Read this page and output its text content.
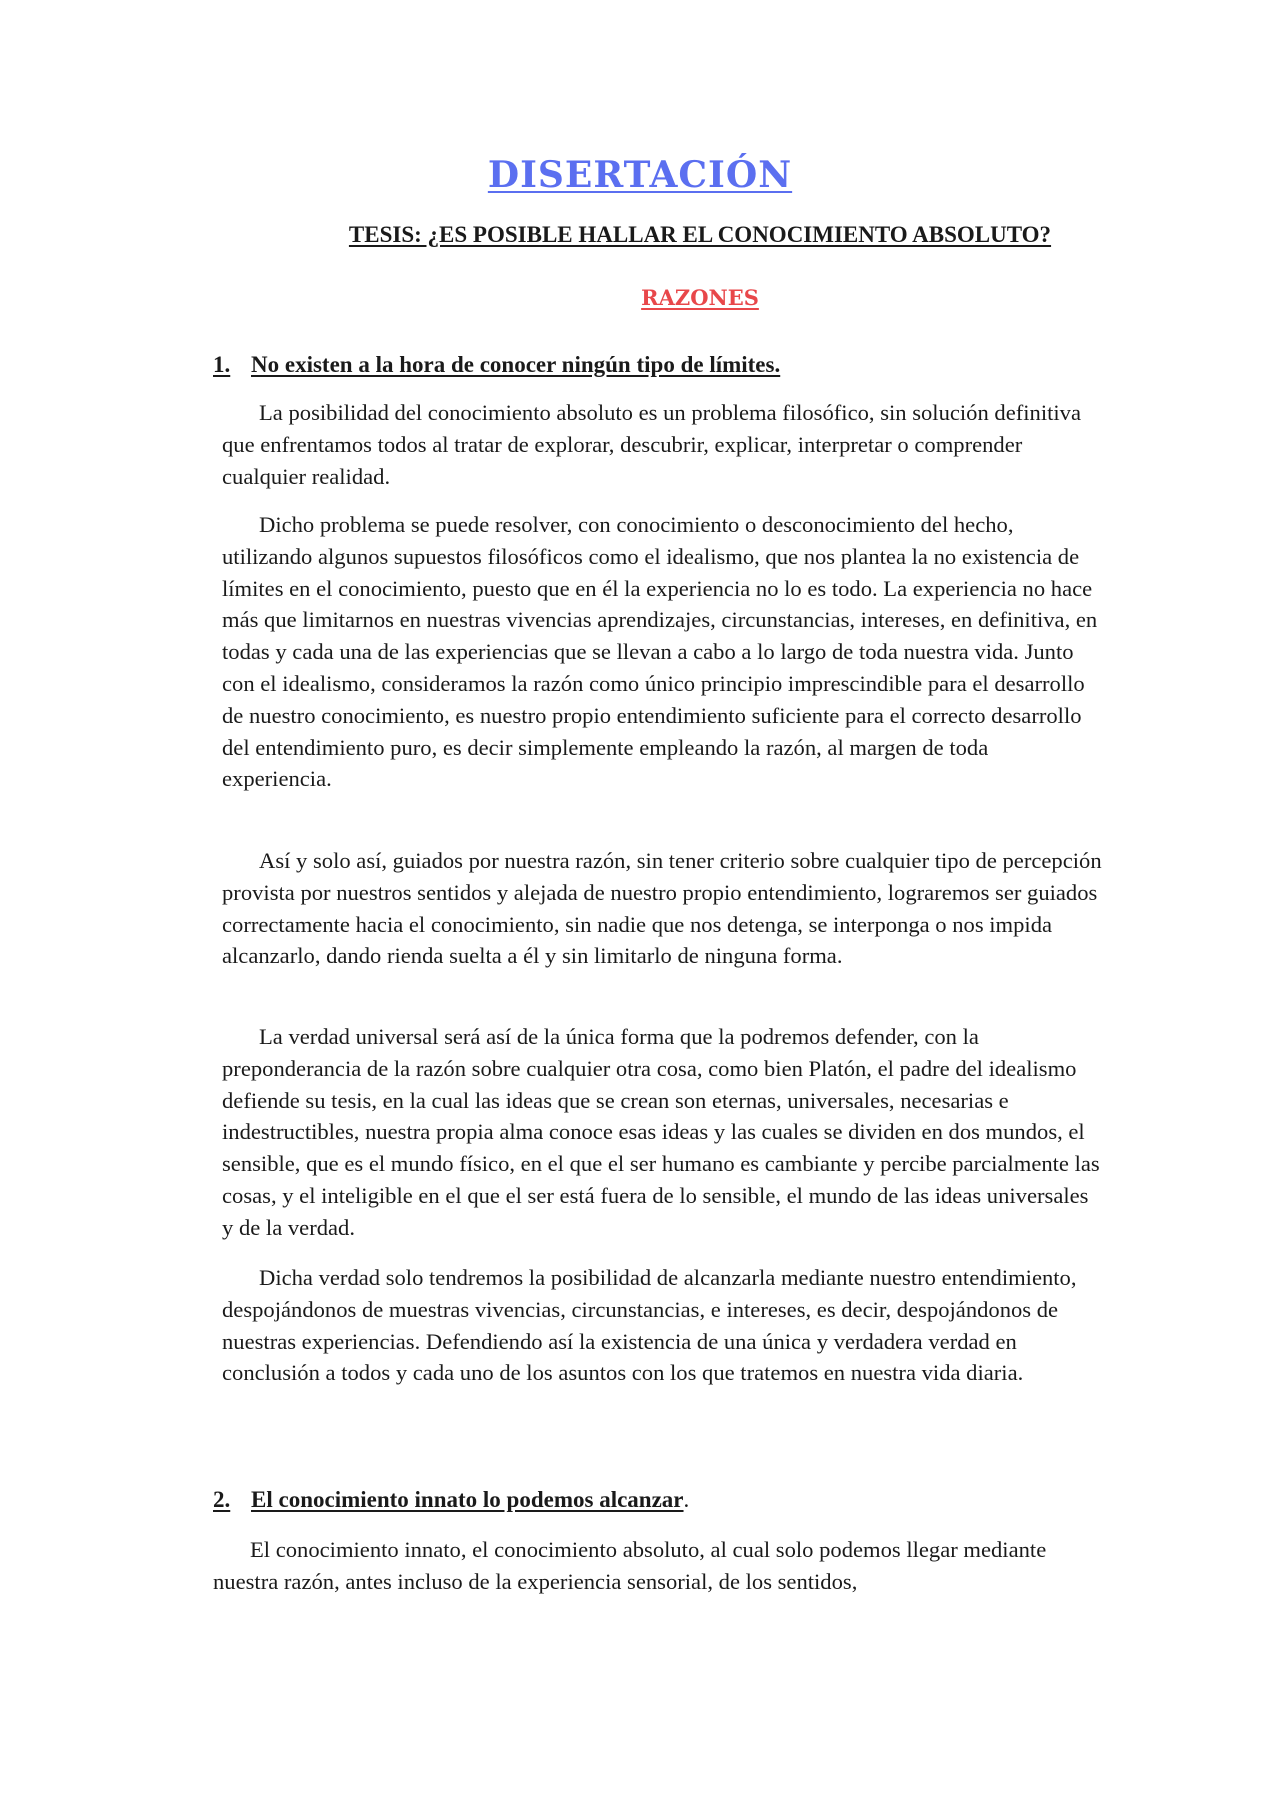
DISERTACIÓN
TESIS: ¿ES POSIBLE HALLAR EL CONOCIMIENTO ABSOLUTO?
RAZONES
1. No existen a la hora de conocer ningún tipo de límites.

La posibilidad del conocimiento absoluto es un problema filosófico, sin solución definitiva que enfrentamos todos al tratar de explorar, descubrir, explicar, interpretar o comprender cualquier realidad.

Dicho problema se puede resolver, con conocimiento o desconocimiento del hecho, utilizando algunos supuestos filosóficos como el idealismo, que nos plantea la no existencia de límites en el conocimiento, puesto que en él la experiencia no lo es todo. La experiencia no hace más que limitarnos en nuestras vivencias aprendizajes, circunstancias, intereses, en definitiva, en todas y cada una de las experiencias que se llevan a cabo a lo largo de toda nuestra vida. Junto con el idealismo, consideramos la razón como único principio imprescindible para el desarrollo de nuestro conocimiento, es nuestro propio entendimiento suficiente para el correcto desarrollo del entendimiento puro, es decir simplemente empleando la razón, al margen de toda experiencia.

Así y solo así, guiados por nuestra razón, sin tener criterio sobre cualquier tipo de percepción provista por nuestros sentidos y alejada de nuestro propio entendimiento, lograremos ser guiados correctamente hacia el conocimiento, sin nadie que nos detenga, se interponga o nos impida alcanzarlo, dando rienda suelta a él y sin limitarlo de ninguna forma.

La verdad universal será así de la única forma que la podremos defender, con la preponderancia de la razón sobre cualquier otra cosa, como bien Platón, el padre del idealismo defiende su tesis, en la cual las ideas que se crean son eternas, universales, necesarias e indestructibles, nuestra propia alma conoce esas ideas y las cuales se dividen en dos mundos, el sensible, que es el mundo físico, en el que el ser humano es cambiante y percibe parcialmente las cosas, y el inteligible en el que el ser está fuera de lo sensible, el mundo de las ideas universales y de la verdad.

Dicha verdad solo tendremos la posibilidad de alcanzarla mediante nuestro entendimiento, despojándonos de muestras vivencias, circunstancias, e intereses, es decir, despojándonos de nuestras experiencias. Defendiendo así la existencia de una única y verdadera verdad en conclusión a todos y cada uno de los asuntos con los que tratemos en nuestra vida diaria.

2. El conocimiento innato lo podemos alcanzar.

El conocimiento innato, el conocimiento absoluto, al cual solo podemos llegar mediante nuestra razón, antes incluso de la experiencia sensorial, de los sentidos,
